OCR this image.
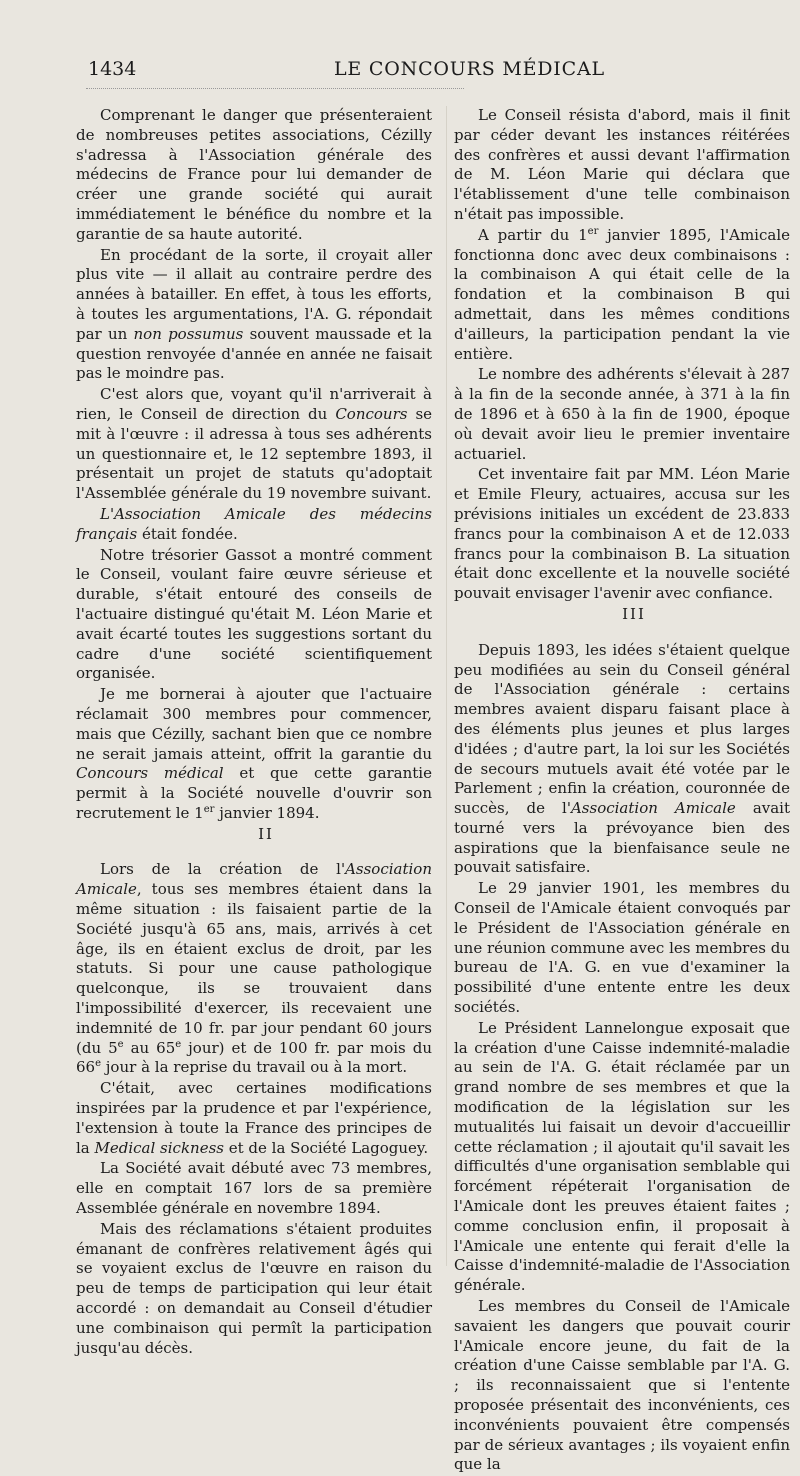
1434	LE CONCOURS MÉDICAL

Comprenant le danger que présenteraient de nombreuses petites associations, Cézilly s'adressa à l'Association générale des médecins de France pour lui demander de créer une grande société qui aurait immédiatement le bénéfice du nombre et la garantie de sa haute autorité.

En procédant de la sorte, il croyait aller plus vite — il allait au contraire perdre des années à batailler. En effet, à tous les efforts, à toutes les argumentations, l'A. G. répondait par un non possumus souvent maussade et la question renvoyée d'année en année ne faisait pas le moindre pas.

C'est alors que, voyant qu'il n'arriverait à rien, le Conseil de direction du Concours se mit à l'œuvre : il adressa à tous ses adhérents un questionnaire et, le 12 septembre 1893, il présentait un projet de statuts qu'adoptait l'Assemblée générale du 19 novembre suivant.

L'Association Amicale des médecins français était fondée.

Notre trésorier Gassot a montré comment le Conseil, voulant faire œuvre sérieuse et durable, s'était entouré des conseils de l'actuaire distingué qu'était M. Léon Marie et avait écarté toutes les suggestions sortant du cadre d'une société scientifiquement organisée.

Je me bornerai à ajouter que l'actuaire réclamait 300 membres pour commencer, mais que Cézilly, sachant bien que ce nombre ne serait jamais atteint, offrit la garantie du Concours médical et que cette garantie permit à la Société nouvelle d'ouvrir son recrutement le 1er janvier 1894.

II

Lors de la création de l'Association Amicale, tous ses membres étaient dans la même situation : ils faisaient partie de la Société jusqu'à 65 ans, mais, arrivés à cet âge, ils en étaient exclus de droit, par les statuts. Si pour une cause pathologique quelconque, ils se trouvaient dans l'impossibilité d'exercer, ils recevaient une indemnité de 10 fr. par jour pendant 60 jours (du 5e au 65e jour) et de 100 fr. par mois du 66e jour à la reprise du travail ou à la mort.

C'était, avec certaines modifications inspirées par la prudence et par l'expérience, l'extension à toute la France des principes de la Medical sickness et de la Société Lagoguey.

La Société avait débuté avec 73 membres, elle en comptait 167 lors de sa première Assemblée générale en novembre 1894.

Mais des réclamations s'étaient produites émanant de confrères relativement âgés qui se voyaient exclus de l'œuvre en raison du peu de temps de participation qui leur était accordé : on demandait au Conseil d'étudier une combinaison qui permît la participation jusqu'au décès.

Le Conseil résista d'abord, mais il finit par céder devant les instances réitérées des confrères et aussi devant l'affirmation de M. Léon Marie qui déclara que l'établissement d'une telle combinaison n'était pas impossible.

A partir du 1er janvier 1895, l'Amicale fonctionna donc avec deux combinaisons : la combinaison A qui était celle de la fondation et la combinaison B qui admettait, dans les mêmes conditions d'ailleurs, la participation pendant la vie entière.

Le nombre des adhérents s'élevait à 287 à la fin de la seconde année, à 371 à la fin de 1896 et à 650 à la fin de 1900, époque où devait avoir lieu le premier inventaire actuariel.

Cet inventaire fait par MM. Léon Marie et Emile Fleury, actuaires, accusa sur les prévisions initiales un excédent de 23.833 francs pour la combinaison A et de 12.033 francs pour la combinaison B. La situation était donc excellente et la nouvelle société pouvait envisager l'avenir avec confiance.

III

Depuis 1893, les idées s'étaient quelque peu modifiées au sein du Conseil général de l'Association générale : certains membres avaient disparu faisant place à des éléments plus jeunes et plus larges d'idées ; d'autre part, la loi sur les Sociétés de secours mutuels avait été votée par le Parlement ; enfin la création, couronnée de succès, de l'Association Amicale avait tourné vers la prévoyance bien des aspirations que la bienfaisance seule ne pouvait satisfaire.

Le 29 janvier 1901, les membres du Conseil de l'Amicale étaient convoqués par le Président de l'Association générale en une réunion commune avec les membres du bureau de l'A. G. en vue d'examiner la possibilité d'une entente entre les deux sociétés.

Le Président Lannelongue exposait que la création d'une Caisse indemnité-maladie au sein de l'A. G. était réclamée par un grand nombre de ses membres et que la modification de la législation sur les mutualités lui faisait un devoir d'accueillir cette réclamation ; il ajoutait qu'il savait les difficultés d'une organisation semblable qui forcément répéterait l'organisation de l'Amicale dont les preuves étaient faites ; comme conclusion enfin, il proposait à l'Amicale une entente qui ferait d'elle la Caisse d'indemnité-maladie de l'Association générale.

Les membres du Conseil de l'Amicale savaient les dangers que pouvait courir l'Amicale encore jeune, du fait de la création d'une Caisse semblable par l'A. G. ; ils reconnaissaient que si l'entente proposée présentait des inconvénients, ces inconvénients pouvaient être compensés par de sérieux avantages ; ils voyaient enfin que la
